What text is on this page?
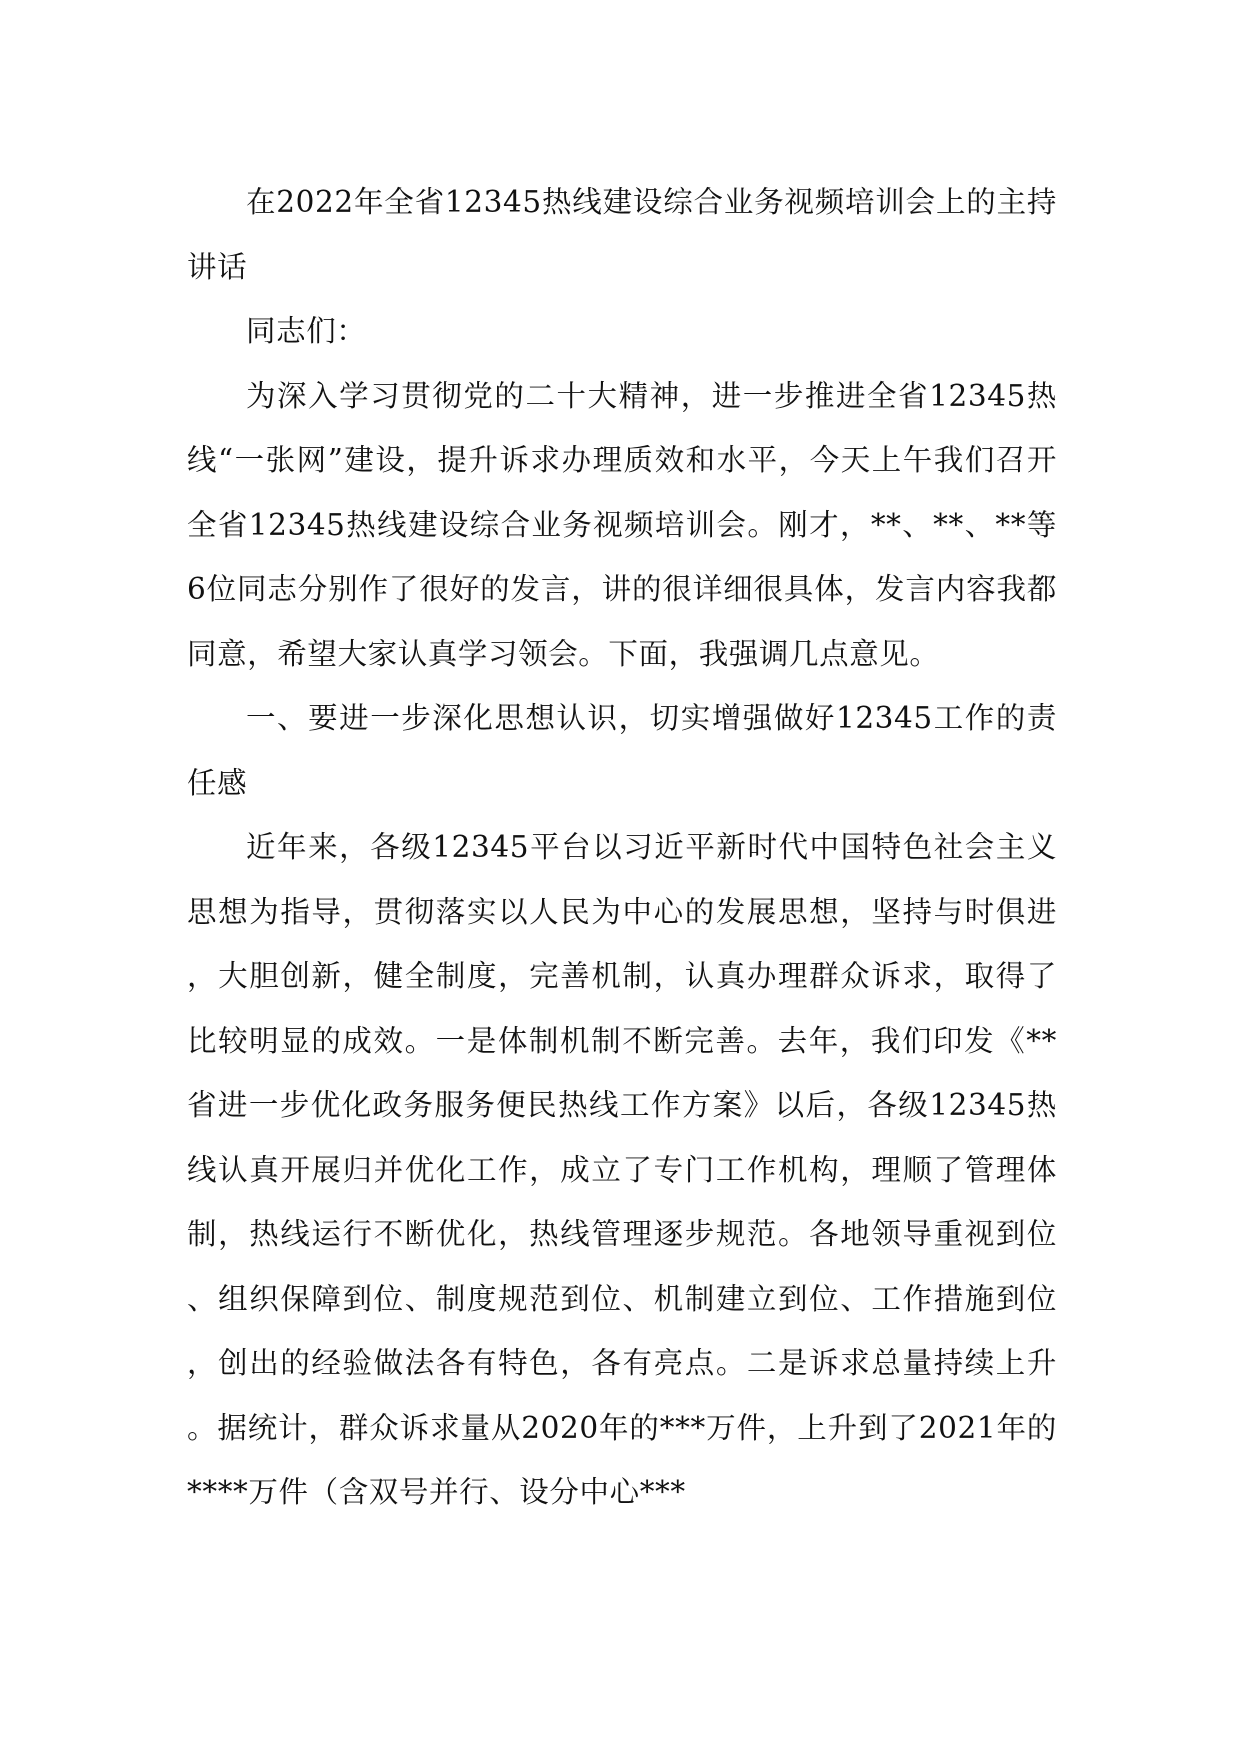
在2022年全省12345热线建设综合业务视频培训会上的主持讲话

同志们：

为深入学习贯彻党的二十大精神，进一步推进全省12345热线“一张网”建设，提升诉求办理质效和水平，今天上午我们召开全省12345热线建设综合业务视频培训会。刚才，**、**、**等6位同志分别作了很好的发言，讲的很详细很具体，发言内容我都同意，希望大家认真学习领会。下面，我强调几点意见。

一、要进一步深化思想认识，切实增强做好12345工作的责任感

近年来，各级12345平台以习近平新时代中国特色社会主义思想为指导，贯彻落实以人民为中心的发展思想，坚持与时俱进，大胆创新，健全制度，完善机制，认真办理群众诉求，取得了比较明显的成效。一是体制机制不断完善。去年，我们印发《**省进一步优化政务服务便民热线工作方案》以后，各级12345热线认真开展归并优化工作，成立了专门工作机构，理顺了管理体制，热线运行不断优化，热线管理逐步规范。各地领导重视到位、组织保障到位、制度规范到位、机制建立到位、工作措施到位，创出的经验做法各有特色，各有亮点。二是诉求总量持续上升。据统计，群众诉求量从2020年的***万件，上升到了2021年的****万件（含双号并行、设分中心***
